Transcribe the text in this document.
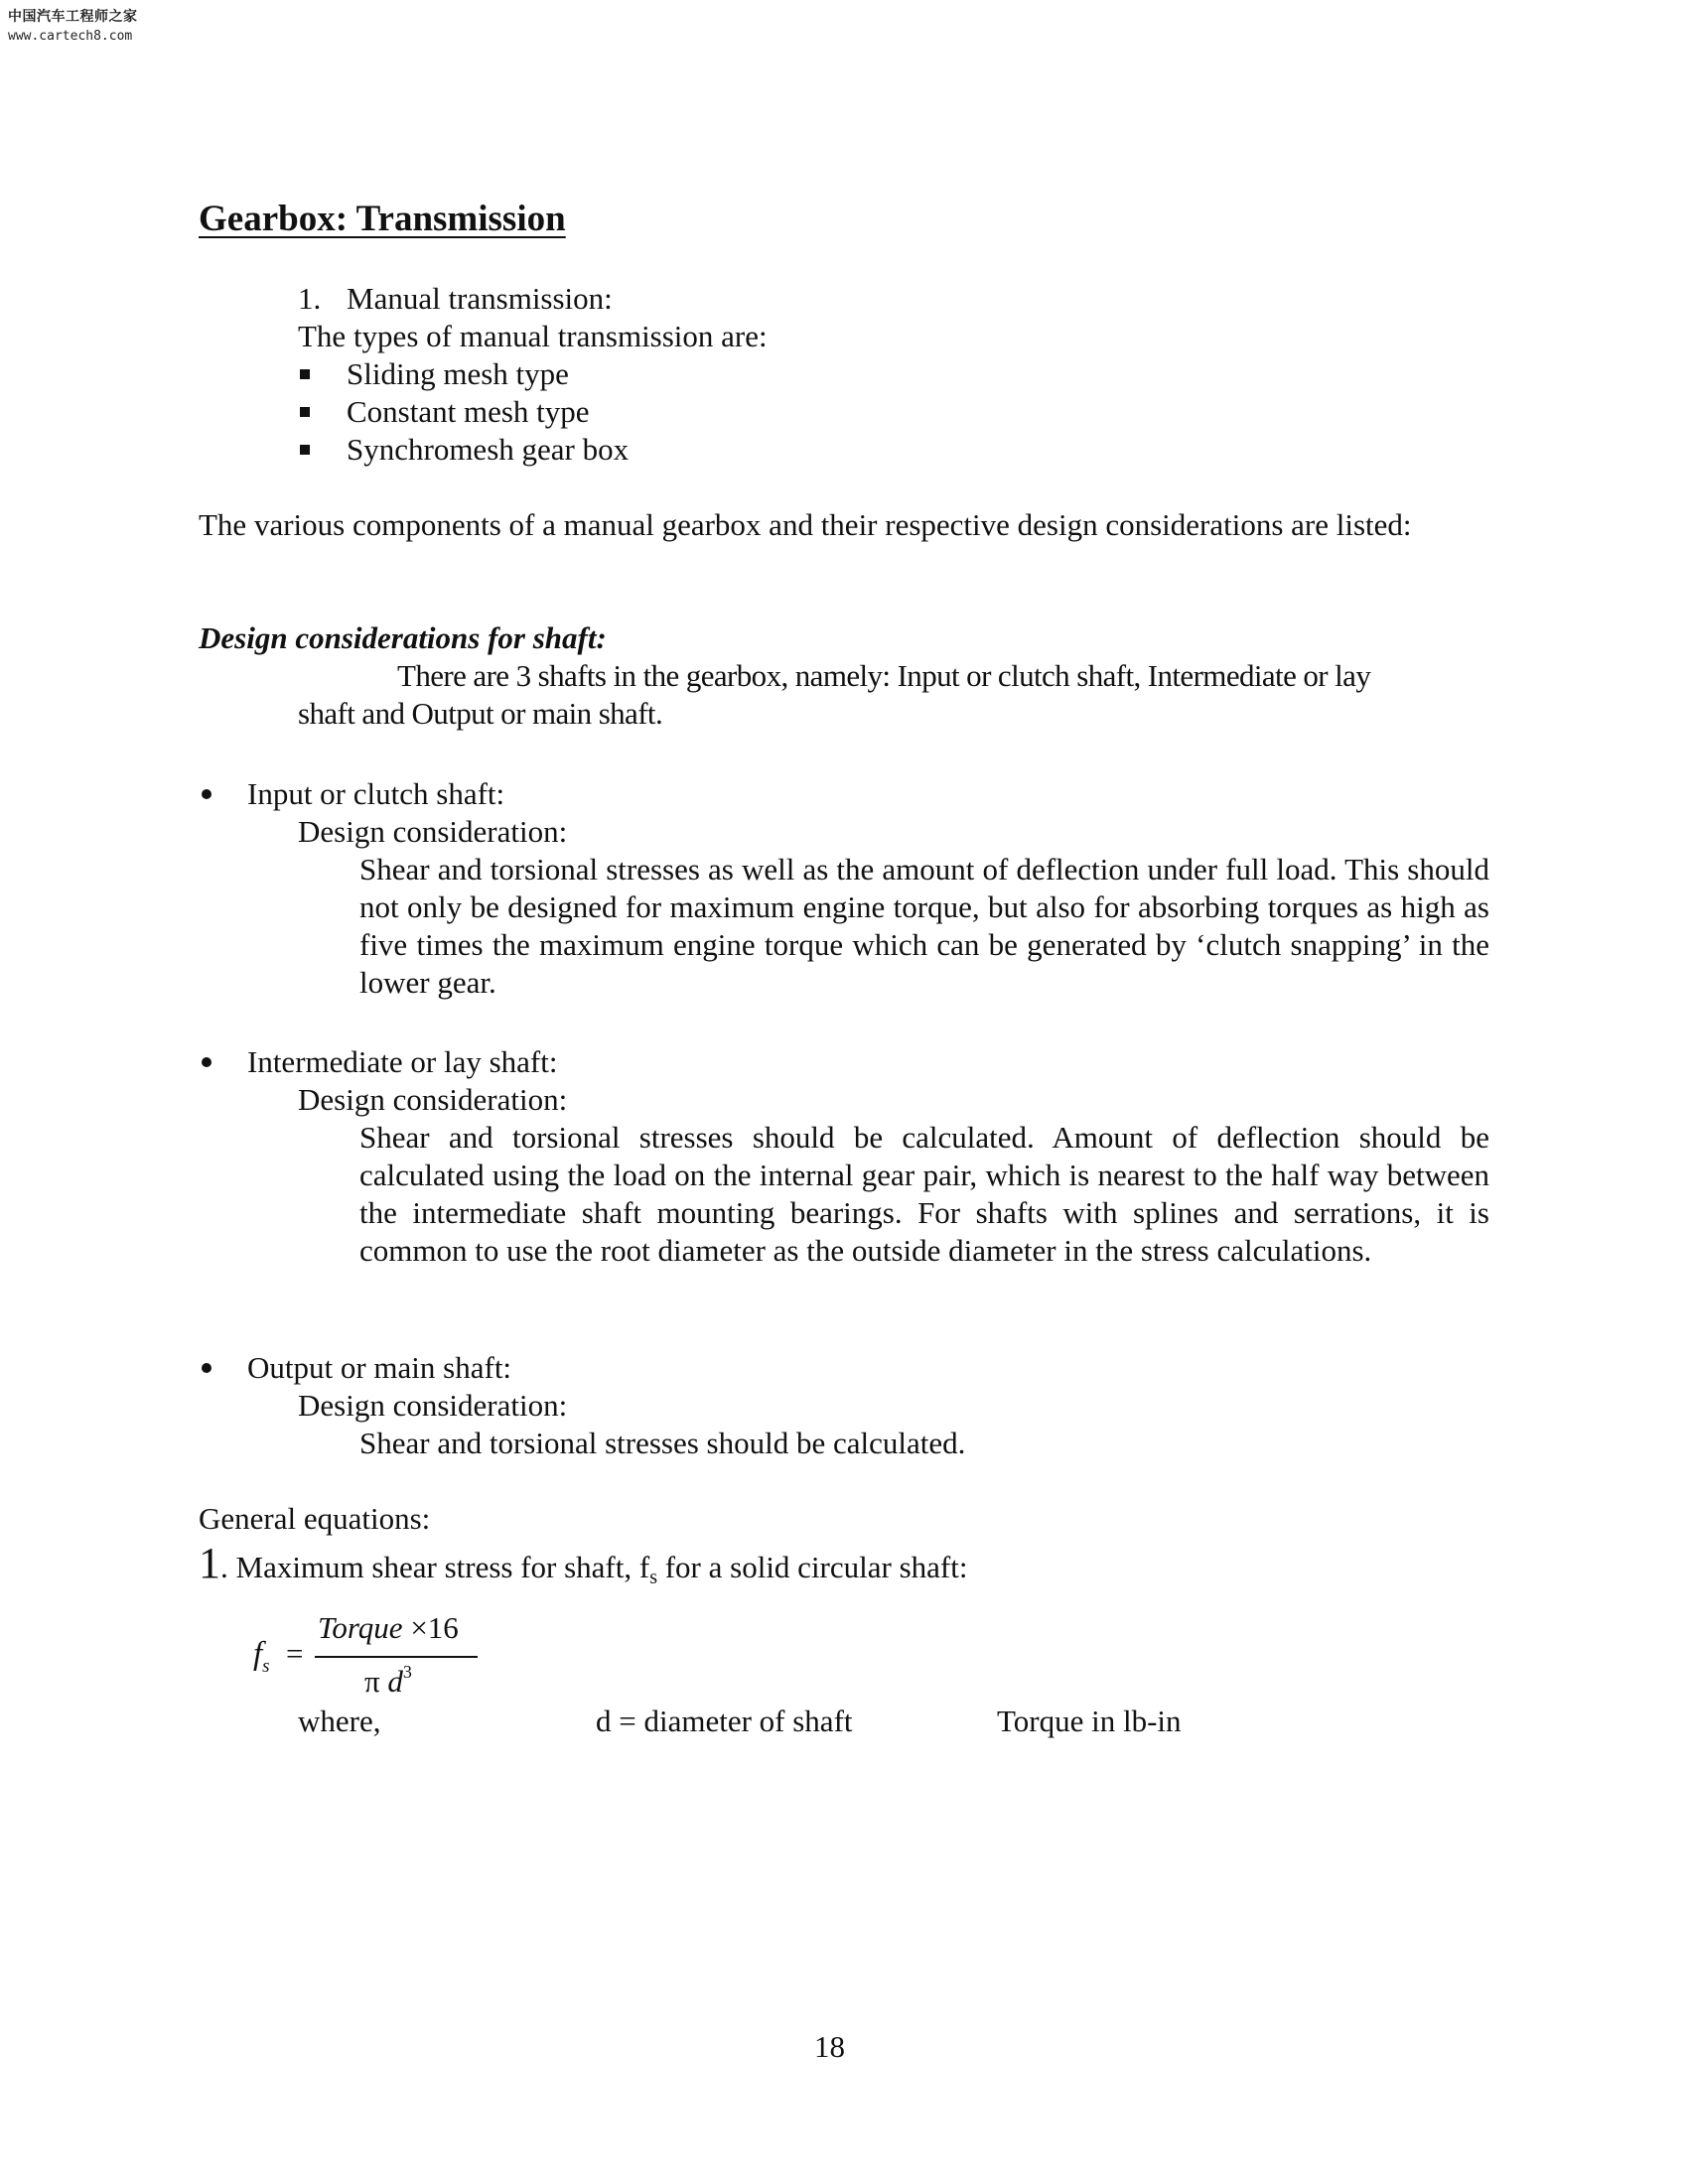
中国汽车工程师之家
www.cartech8.com
Gearbox: Transmission
1. Manual transmission:
The types of manual transmission are:
Sliding mesh type
Constant mesh type
Synchromesh gear box
The various components of a manual gearbox and their respective design considerations are listed:
Design considerations for shaft:
There are 3 shafts in the gearbox, namely: Input or clutch shaft, Intermediate or lay
shaft and Output or main shaft.
Input or clutch shaft:
Design consideration:
Shear and torsional stresses as well as the amount of deflection under full load. This should not only be designed for maximum engine torque, but also for absorbing torques as high as five times the maximum engine torque which can be generated by ‘clutch snapping’ in the lower gear.
Intermediate or lay shaft:
Design consideration:
Shear and torsional stresses should be calculated. Amount of deflection should be calculated using the load on the internal gear pair, which is nearest to the half way between the intermediate shaft mounting bearings. For shafts with splines and serrations, it is common to use the root diameter as the outside diameter in the stress calculations.
Output or main shaft:
Design consideration:
Shear and torsional stresses should be calculated.
General equations:
1. Maximum shear stress for shaft, $f_s$ for a solid circular shaft:
$f_s$ =
Torque ×16
π $d^3$
where,	d = diameter of shaft	Torque in lb-in
18
